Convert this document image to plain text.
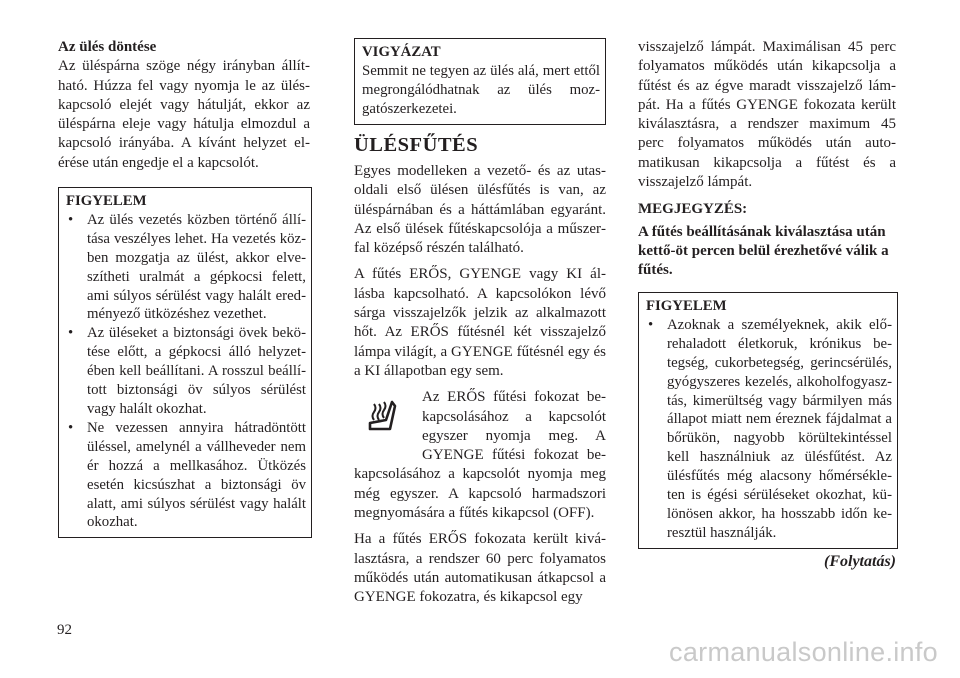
Az ülés döntése

Az üléspárna szöge négy irányban állítható. Húzza fel vagy nyomja le az üléskapcsoló elejét vagy hátulját, ekkor az üléspárna eleje vagy hátulja elmozdul a kapcsoló irányába. A kívánt helyzet elérése után engedje el a kapcsolót.

FIGYELEM
• Az ülés vezetés közben történő állítása veszélyes lehet. Ha vezetés közben mozgatja az ülést, akkor elveszítheti uralmát a gépkocsi felett, ami súlyos sérülést vagy halált eredményező ütközéshez vezethet.
• Az üléseket a biztonsági övek bekötése előtt, a gépkocsi álló helyzetében kell beállítani. A rosszul beállított biztonsági öv súlyos sérülést vagy halált okozhat.
• Ne vezessen annyira hátradöntött üléssel, amelynél a vállheveder nem ér hozzá a mellkasához. Ütközés esetén kicsúszhat a biztonsági öv alatt, ami súlyos sérülést vagy halált okozhat.
VIGYÁZAT

Semmit ne tegyen az ülés alá, mert ettől megrongálódhatnak az ülés mozgatószerkezetei.

ÜLÉSFŰTÉS

Egyes modelleken a vezető- és az utasoldali első ülésen ülésfűtés is van, az üléspárnában és a háttámlában egyaránt. Az első ülések fűtéskapcsolója a műszerfal középső részén található.

A fűtés ERŐS, GYENGE vagy KI állásba kapcsolható. A kapcsolókon lévő sárga visszajelzők jelzik az alkalmazott hőt. Az ERŐS fűtésnél két visszajelző lámpa világít, a GYENGE fűtésnél egy és a KI állapotban egy sem.

Az ERŐS fűtési fokozat be-
kapcsolásához a kapcsolót
egyszer nyomja meg. A
GYENGE fűtési fokozat be-

kapcsolásához a kapcsolót nyomja meg még egyszer. A kapcsoló harmadszori megnyomására a fűtés kikapcsol (OFF).

Ha a fűtés ERŐS fokozata került kiválasztásra, a rendszer 60 perc folyamatos működés után automatikusan átkapcsol a GYENGE fokozatra, és kikapcsol egy

visszajelző lámpát. Maximálisan 45 perc folyamatos működés után kikapcsolja a fűtést és az égve maradt visszajelző lámpát. Ha a fűtés GYENGE fokozata került kiválasztásra, a rendszer maximum 45 perc folyamatos működés után automatikusan kikapcsolja a fűtést és a visszajelző lámpát.

MEGJEGYZÉS:

A fűtés beállításának kiválasztása után kettő-öt percen belül érezhetővé válik a fűtés.

FIGYELEM
• Azoknak a személyeknek, akik előrehaladott életkoruk, krónikus betegség, cukorbetegség, gerincsérülés, gyógyszeres kezelés, alkoholfogyasztás, kimerültség vagy bármilyen más állapot miatt nem éreznek fájdalmat a bőrükön, nagyobb körültekintéssel kell használniuk az ülésfűtést. Az ülésfűtés még alacsony hőmérsékleten is égési sérüléseket okozhat, különösen akkor, ha hosszabb időn keresztül használják.
(Folytatás)
92
carmanualsonline.info
